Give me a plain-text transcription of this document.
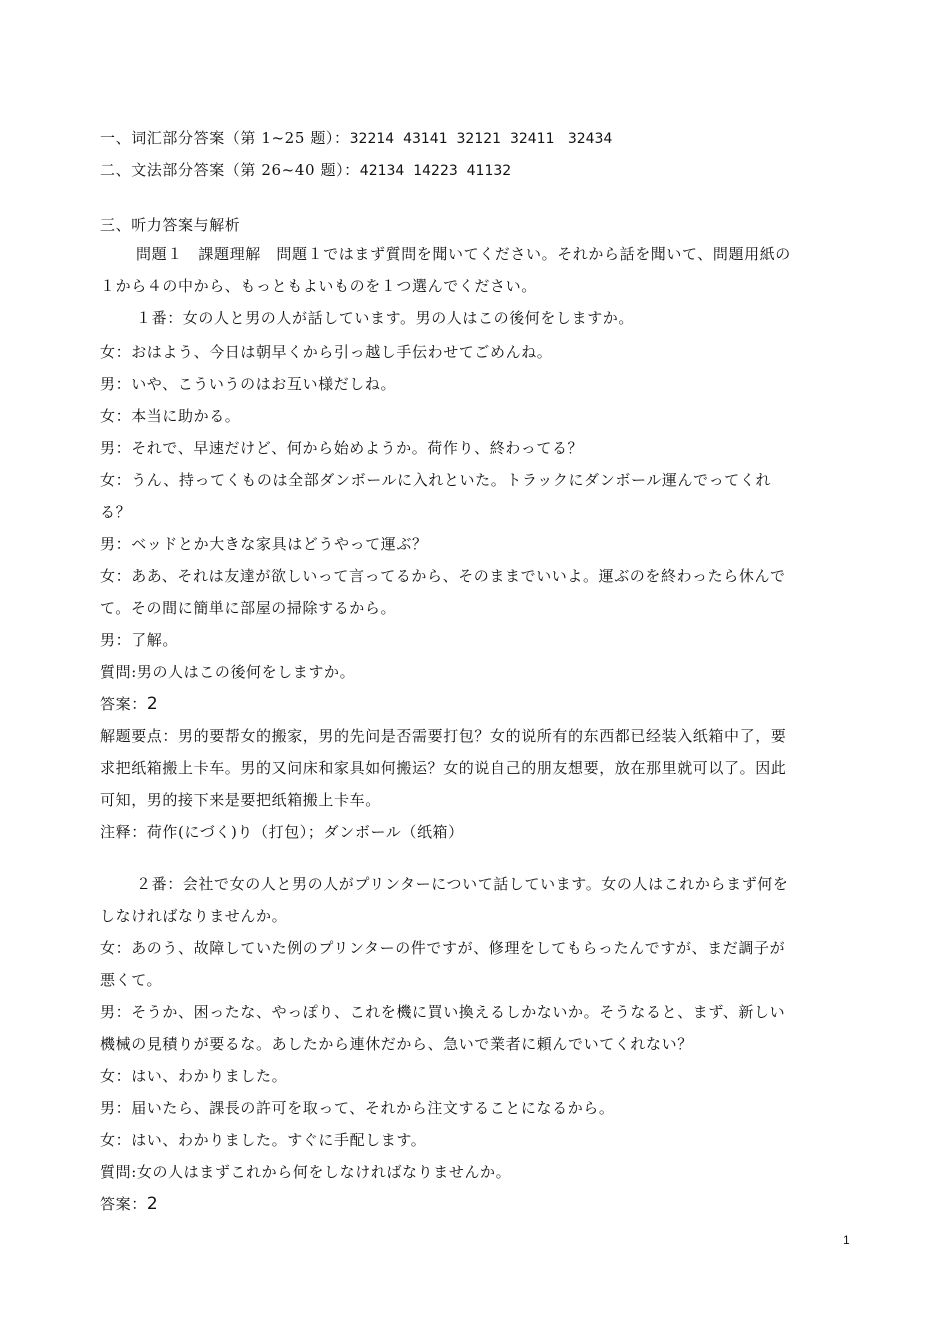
一、词汇部分答案（第 1~25 题）：32214  43141  32121  32411   32434
二、文法部分答案（第 26~40 题）：42134  14223  41132
三、听力答案与解析
問題１　課題理解　問題１ではまず質問を聞いてください。それから話を聞いて、問題用紙の
１から４の中から、もっともよいものを１つ選んでください。
１番：女の人と男の人が話しています。男の人はこの後何をしますか。
女：おはよう、今日は朝早くから引っ越し手伝わせてごめんね。
男：いや、こういうのはお互い様だしね。
女：本当に助かる。
男：それで、早速だけど、何から始めようか。荷作り、終わってる？
女：うん、持ってくものは全部ダンボールに入れといた。トラックにダンボール運んでってくれ
る？
男：ベッドとか大きな家具はどうやって運ぶ？
女：ああ、それは友達が欲しいって言ってるから、そのままでいいよ。運ぶのを終わったら休んで
て。その間に簡単に部屋の掃除するから。
男：了解。
質問:男の人はこの後何をしますか。
答案：2
解题要点：男的要帮女的搬家，男的先问是否需要打包？女的说所有的东西都已经装入纸箱中了，要
求把纸箱搬上卡车。男的又问床和家具如何搬运？女的说自己的朋友想要，放在那里就可以了。因此
可知，男的接下来是要把纸箱搬上卡车。
注释：荷作(にづく)り（打包）；ダンボール（纸箱）
２番：会社で女の人と男の人がプリンターについて話しています。女の人はこれからまず何を
しなければなりませんか。
女：あのう、故障していた例のプリンターの件ですが、修理をしてもらったんですが、まだ調子が
悪くて。
男：そうか、困ったな、やっぽり、これを機に買い換えるしかないか。そうなると、まず、新しい
機械の見積りが要るな。あしたから連休だから、急いで業者に頼んでいてくれない？
女：はい、わかりました。
男：届いたら、課長の許可を取って、それから注文することになるから。
女：はい、わかりました。すぐに手配します。
質問:女の人はまずこれから何をしなければなりませんか。
答案：2
1
